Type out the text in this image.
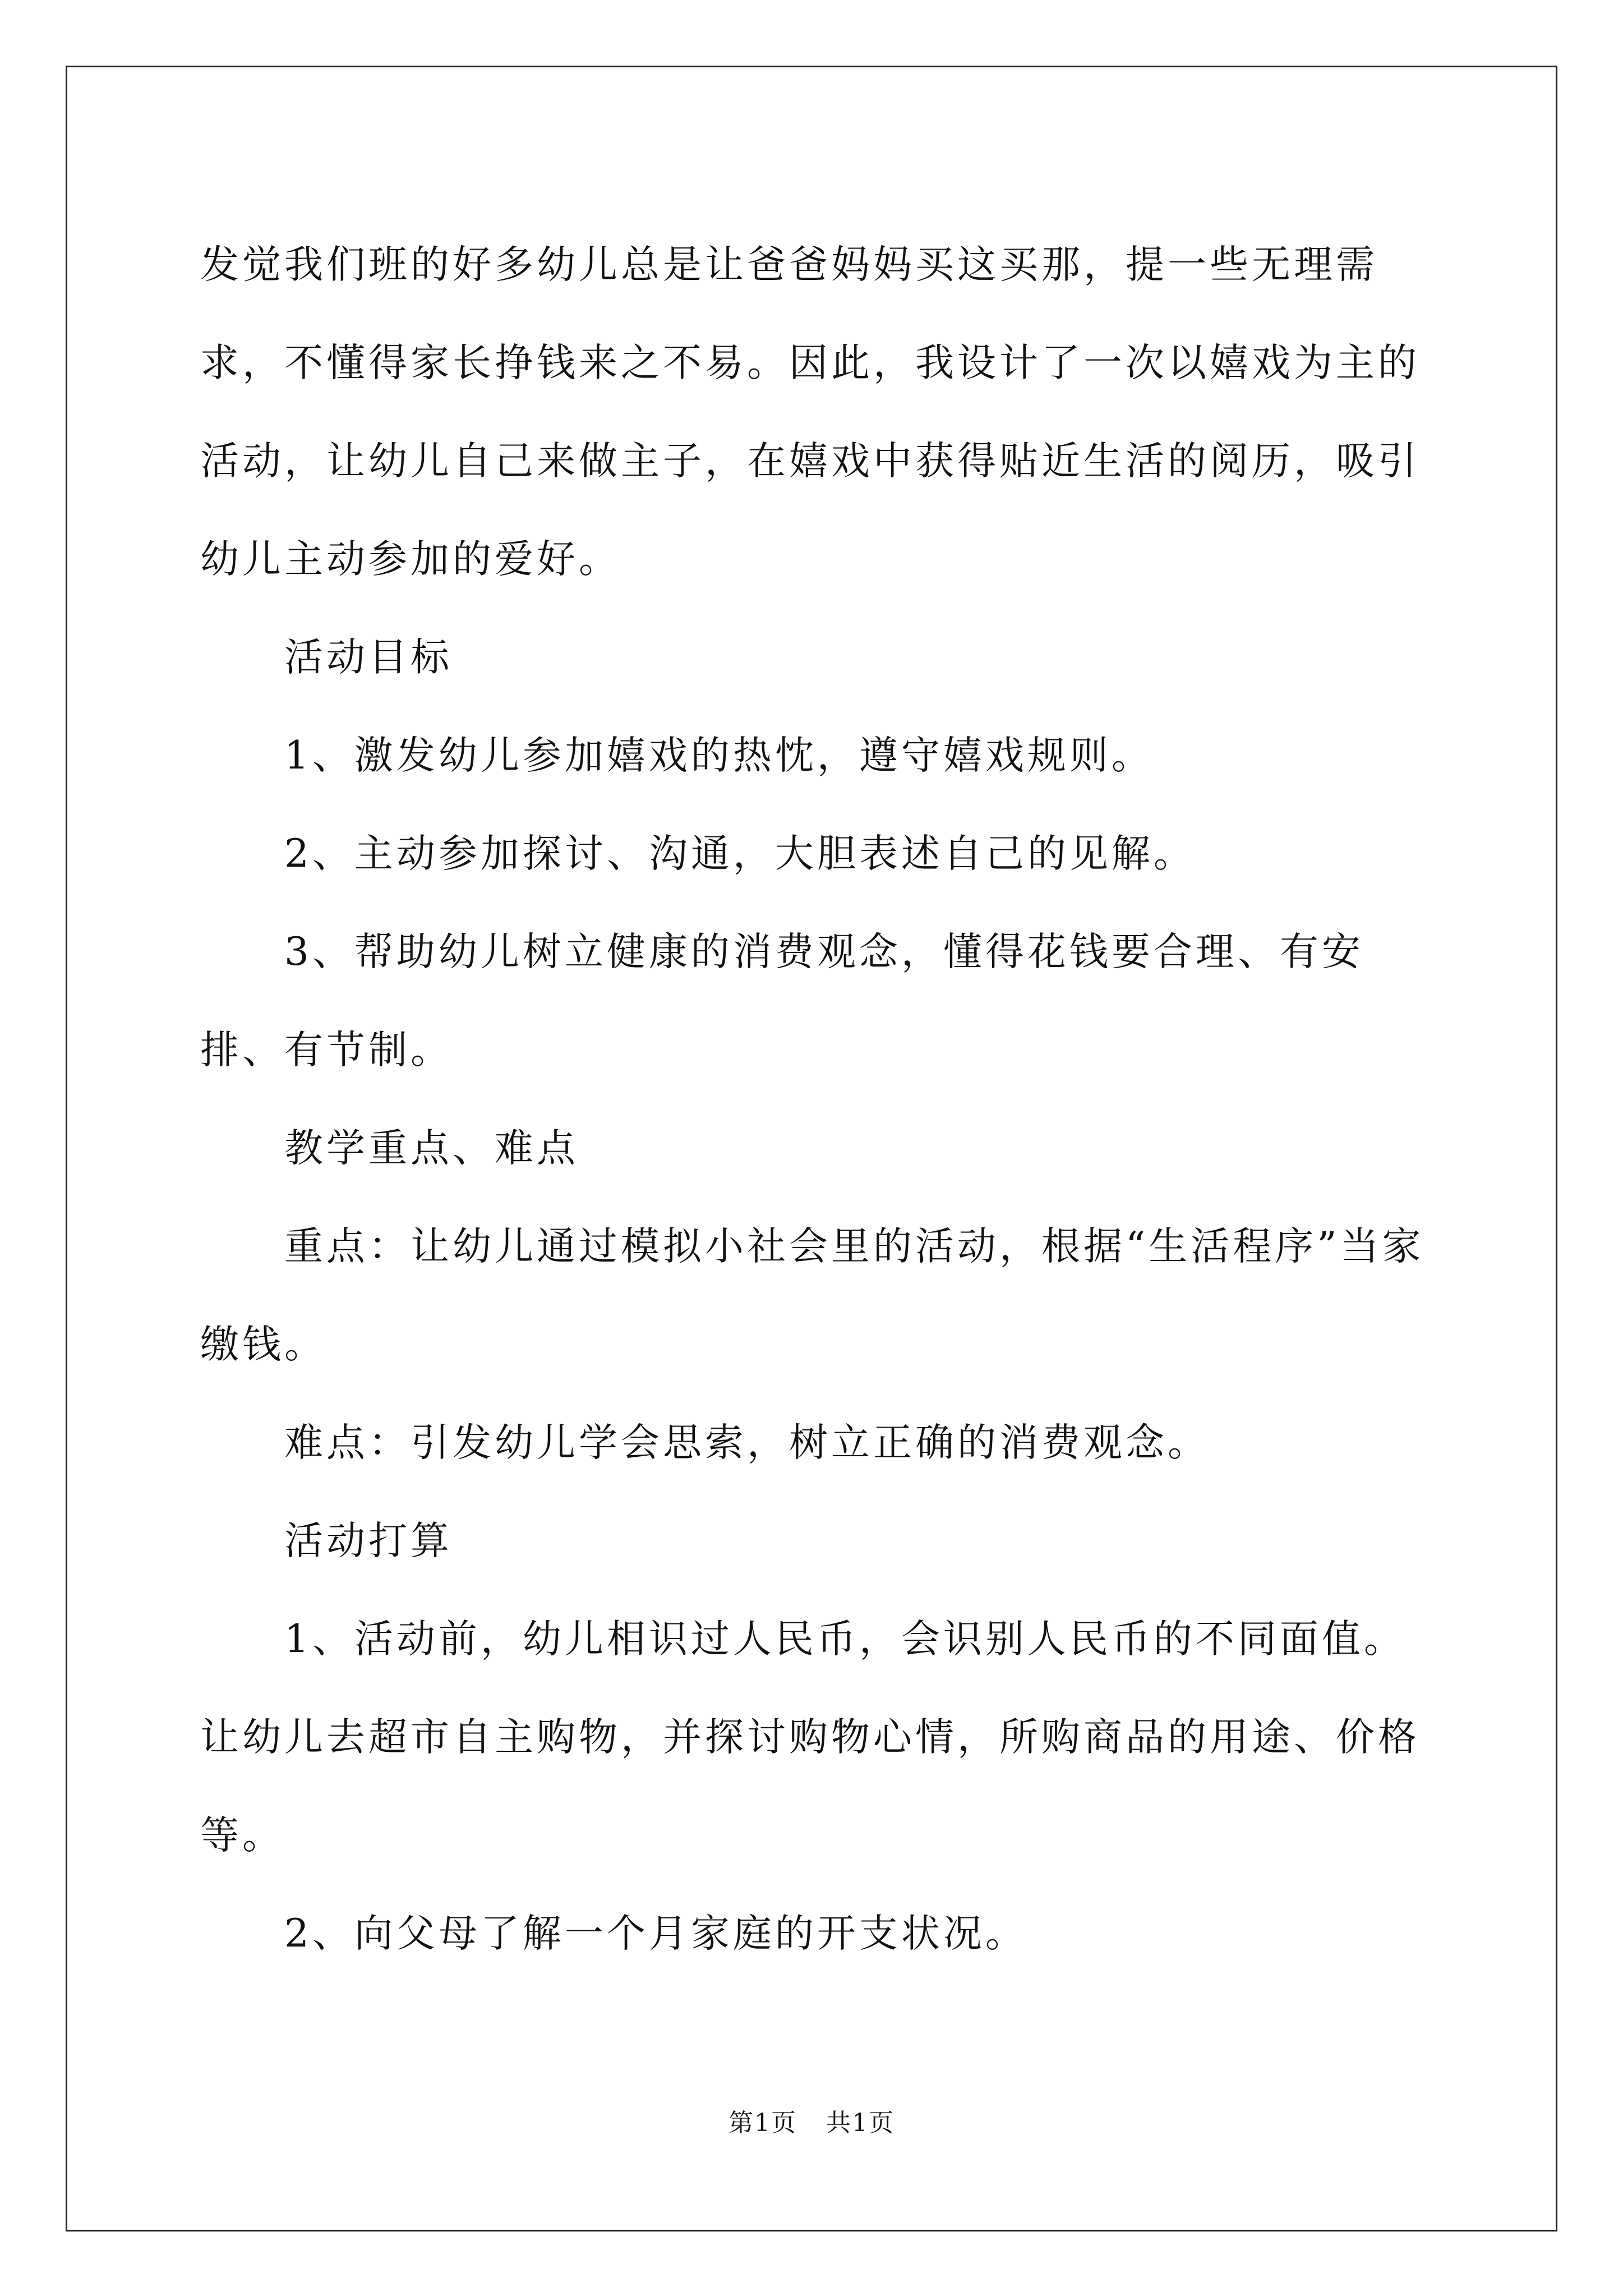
发觉我们班的好多幼儿总是让爸爸妈妈买这买那，提一些无理需求，不懂得家长挣钱来之不易。因此，我设计了一次以嬉戏为主的活动，让幼儿自己来做主子，在嬉戏中获得贴近生活的阅历，吸引幼儿主动参加的爱好。

活动目标

1、激发幼儿参加嬉戏的热忱，遵守嬉戏规则。

2、主动参加探讨、沟通，大胆表述自己的见解。

3、帮助幼儿树立健康的消费观念，懂得花钱要合理、有安排、有节制。

教学重点、难点

重点：让幼儿通过模拟小社会里的活动，根据“生活程序”当家缴钱。

难点：引发幼儿学会思索，树立正确的消费观念。

活动打算

1、活动前，幼儿相识过人民币，会识别人民币的不同面值。让幼儿去超市自主购物，并探讨购物心情，所购商品的用途、价格等。

2、向父母了解一个月家庭的开支状况。

第1页 共1页
